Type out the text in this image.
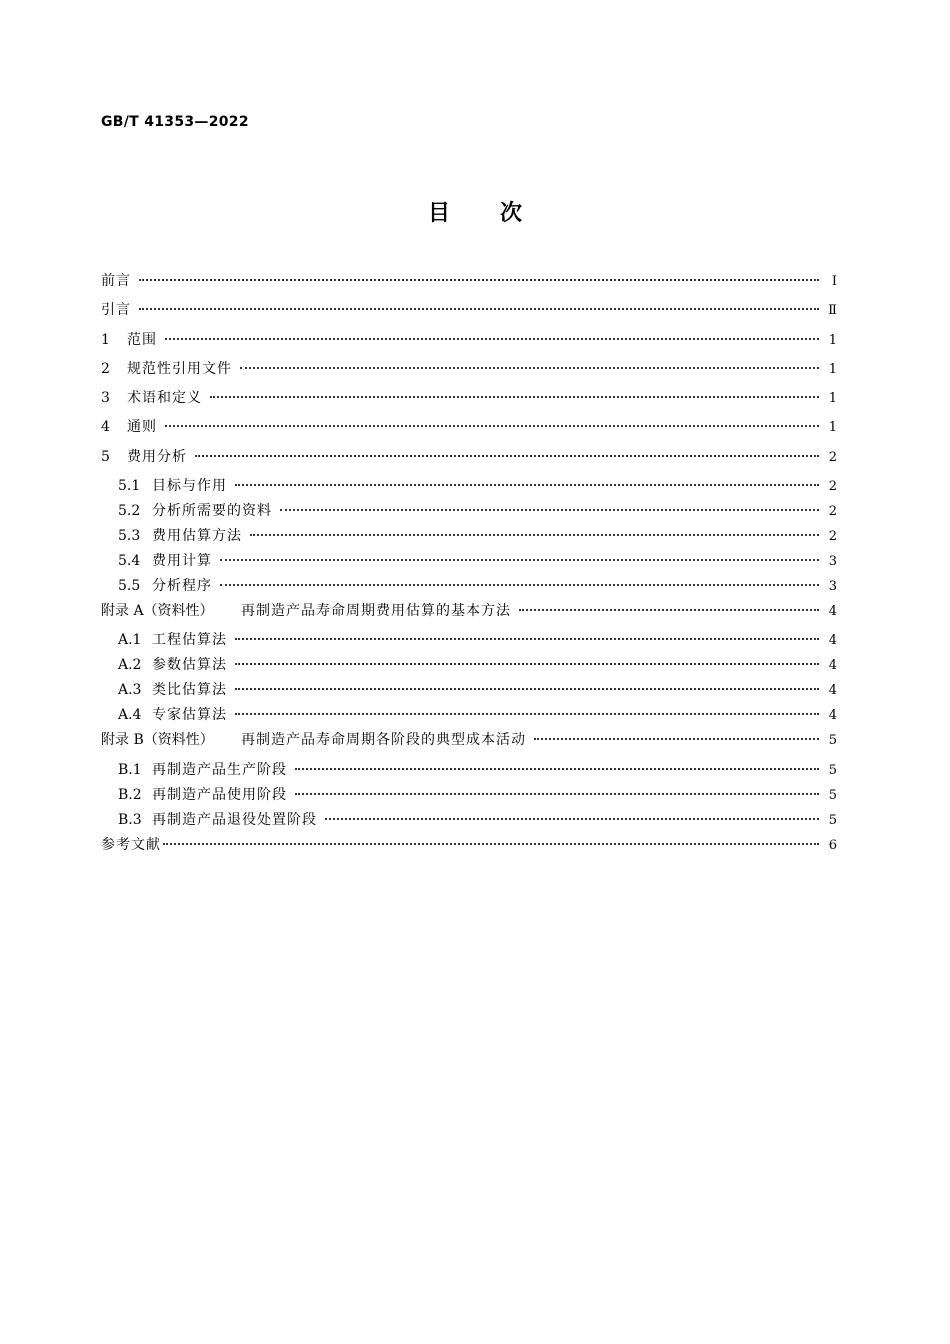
GB/T 41353—2022
目次
前言	Ⅰ
引言	Ⅱ
1	范围	1
2	规范性引用文件	1
3	术语和定义	1
4	通则	1
5	费用分析	2
5.1 目标与作用	2
5.2 分析所需要的资料	2
5.3 费用估算方法	2
5.4 费用计算	3
5.5 分析程序	3
附录 A（资料性）	再制造产品寿命周期费用估算的基本方法	4
A.1 工程估算法	4
A.2 参数估算法	4
A.3 类比估算法	4
A.4 专家估算法	4
附录 B（资料性）	再制造产品寿命周期各阶段的典型成本活动	5
B.1 再制造产品生产阶段	5
B.2 再制造产品使用阶段	5
B.3 再制造产品退役处置阶段	5
参考文献	6
